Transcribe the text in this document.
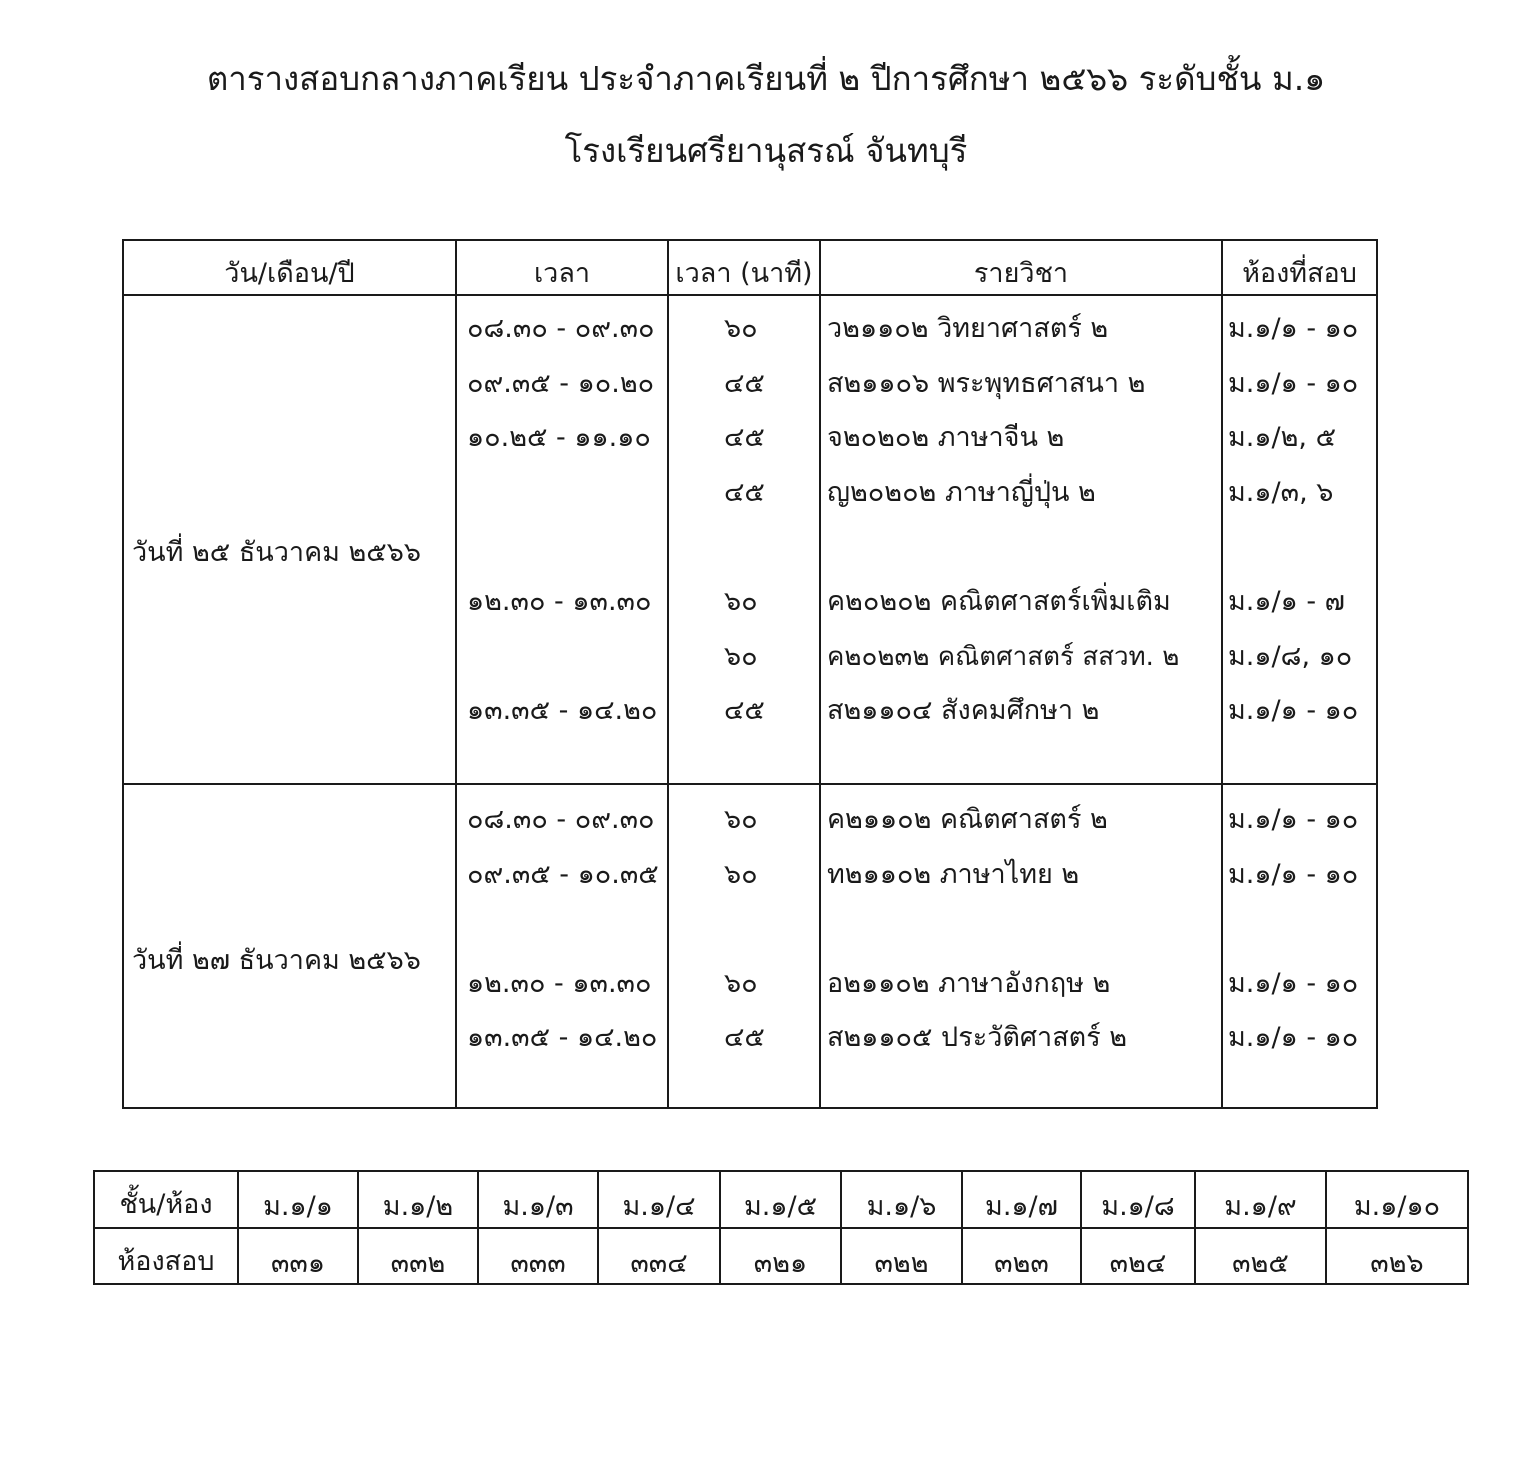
ตารางสอบกลางภาคเรียน ประจำภาคเรียนที่ ๒ ปีการศึกษา ๒๕๖๖ ระดับชั้น ม.๑
โรงเรียนศรียานุสรณ์ จันทบุรี
วัน/เดือน/ปี	เวลา	เวลา (นาที)	รายวิชา	ห้องที่สอบ
วันที่ ๒๕ ธันวาคม ๒๕๖๖
๐๘.๓๐ - ๐๙.๓๐	๖๐	ว๒๑๑๐๒ วิทยาศาสตร์ ๒	ม.๑/๑ - ๑๐
๐๙.๓๕ - ๑๐.๒๐	๔๕ ส๒๑๑๐๖ พระพุทธศาสนา ๒	ม.๑/๑ - ๑๐
๑๐.๒๕ - ๑๑.๑๐	๔๕ จ๒๐๒๐๒ ภาษาจีน ๒	ม.๑/๒, ๕
๔๕ ญ๒๐๒๐๒ ภาษาญี่ปุ่น ๒	ม.๑/๓, ๖
๑๒.๓๐ - ๑๓.๓๐	๖๐	ค๒๐๒๐๒ คณิตศาสตร์เพิ่มเติม ม.๑/๑ - ๗
๖๐	ค๒๐๒๓๒ คณิตศาสตร์ สสวท. ๒ ม.๑/๘, ๑๐
๑๓.๓๕ - ๑๔.๒๐ ๔๕ ส๒๑๑๐๔ สังคมศึกษา ๒	ม.๑/๑ - ๑๐
วันที่ ๒๗ ธันวาคม ๒๕๖๖
๐๘.๓๐ - ๐๙.๓๐	๖๐	ค๒๑๑๐๒ คณิตศาสตร์ ๒	ม.๑/๑ - ๑๐
๐๙.๓๕ - ๑๐.๓๕ ๖๐	ท๒๑๑๐๒ ภาษาไทย ๒	ม.๑/๑ - ๑๐
๑๒.๓๐ - ๑๓.๓๐	๖๐	อ๒๑๑๐๒ ภาษาอังกฤษ ๒	ม.๑/๑ - ๑๐
๑๓.๓๕ - ๑๔.๒๐ ๔๕ ส๒๑๑๐๕ ประวัติศาสตร์ ๒	ม.๑/๑ - ๑๐
ชั้น/ห้อง	ม.๑/๑	ม.๑/๒	ม.๑/๓	ม.๑/๔	ม.๑/๕	ม.๑/๖	ม.๑/๗	ม.๑/๘	ม.๑/๙	ม.๑/๑๐
ห้องสอบ	๓๓๑	๓๓๒	๓๓๓	๓๓๔	๓๒๑	๓๒๒	๓๒๓	๓๒๔	๓๒๕	๓๒๖
